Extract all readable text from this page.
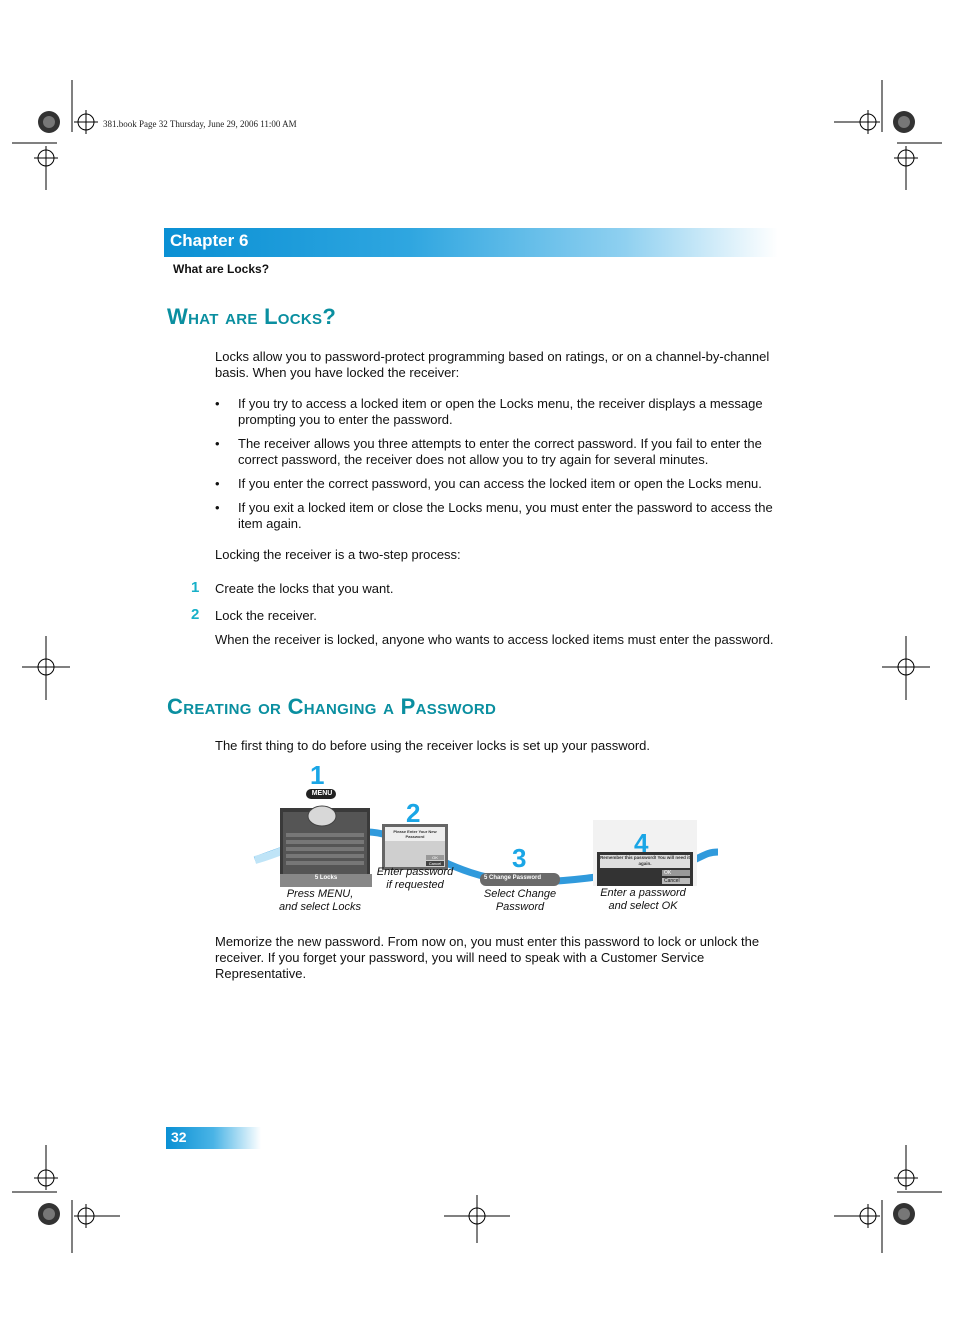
381.book Page 32 Thursday, June 29, 2006 11:00 AM
Chapter 6
What are Locks?
What are Locks?
Locks allow you to password-protect programming based on ratings, or on a channel-by-channel basis. When you have locked the receiver:
• If you try to access a locked item or open the Locks menu, the receiver displays a message prompting you to enter the password.
• The receiver allows you three attempts to enter the correct password. If you fail to enter the correct password, the receiver does not allow you to try again for several minutes.
• If you enter the correct password, you can access the locked item or open the Locks menu.
• If you exit a locked item or close the Locks menu, you must enter the password to access the item again.
Locking the receiver is a two-step process:
1 Create the locks that you want.
2 Lock the receiver.
When the receiver is locked, anyone who wants to access locked items must enter the password.
Creating or Changing a Password
The first thing to do before using the receiver locks is set up your password.
1
2
3	4
MENU
5 Locks
Please Enter Your New Password
OK
Cancel
5 Change Password
Remember this password! You will need it again.
OK
Cancel
Press MENU,
and select Locks
Enter password
if requested
Select Change
Password
Enter a password
and select OK
Memorize the new password. From now on, you must enter this password to lock or unlock the receiver. If you forget your password, you will need to speak with a Customer Service Representative.
32
